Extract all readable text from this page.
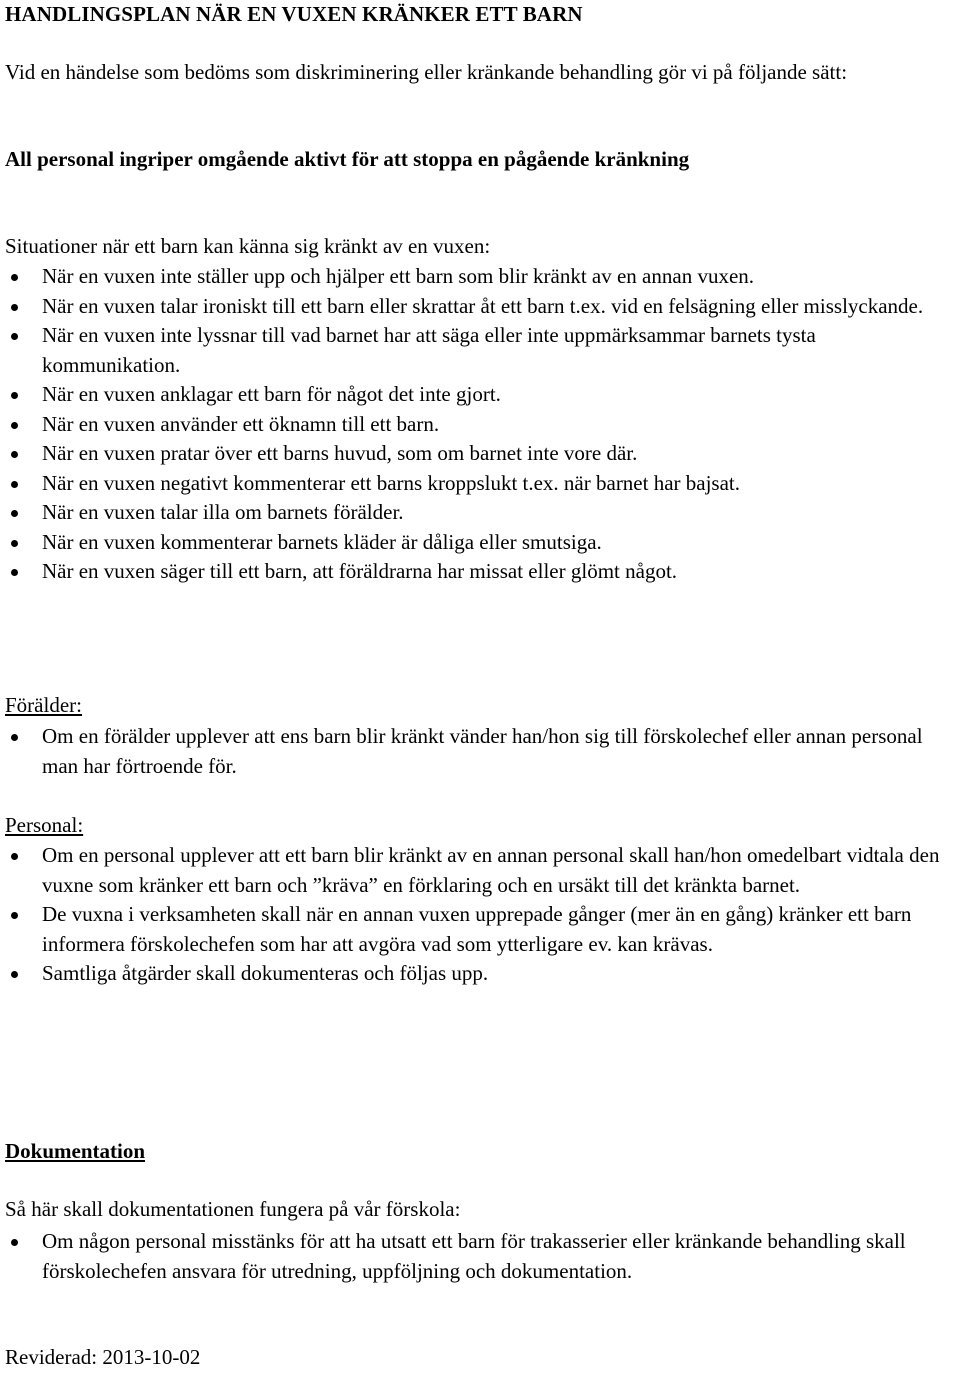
HANDLINGSPLAN NÄR EN VUXEN KRÄNKER ETT BARN

Vid en händelse som bedöms som diskriminering eller kränkande behandling gör vi på följande sätt:

All personal ingriper omgående aktivt för att stoppa en pågående kränkning

Situationer när ett barn kan känna sig kränkt av en vuxen:

När en vuxen inte ställer upp och hjälper ett barn som blir kränkt av en annan vuxen.
När en vuxen talar ironiskt till ett barn eller skrattar åt ett barn t.ex. vid en felsägning eller misslyckande.
När en vuxen inte lyssnar till vad barnet har att säga eller inte uppmärksammar barnets tysta kommunikation.
När en vuxen anklagar ett barn för något det inte gjort.
När en vuxen använder ett öknamn till ett barn.
När en vuxen pratar över ett barns huvud, som om barnet inte vore där.
När en vuxen negativt kommenterar ett barns kroppslukt t.ex. när barnet har bajsat.
När en vuxen talar illa om barnets förälder.
När en vuxen kommenterar barnets kläder är dåliga eller smutsiga.
När en vuxen säger till ett barn, att föräldrarna har missat eller glömt något.

Förälder:

Om en förälder upplever att ens barn blir kränkt vänder han/hon sig till förskolechef eller annan personal man har förtroende för.

Personal:

Om en personal upplever att ett barn blir kränkt av en annan personal skall han/hon omedelbart vidtala den vuxne som kränker ett barn och ”kräva” en förklaring och en ursäkt till det kränkta barnet.
De vuxna i verksamheten skall när en annan vuxen upprepade gånger (mer än en gång) kränker ett barn informera förskolechefen som har att avgöra vad som ytterligare ev. kan krävas.
Samtliga åtgärder skall dokumenteras och följas upp.

Dokumentation

Så här skall dokumentationen fungera på vår förskola:

Om någon personal misstänks för att ha utsatt ett barn för trakasserier eller kränkande behandling skall förskolechefen ansvara för utredning, uppföljning och dokumentation.

Reviderad: 2013-10-02
